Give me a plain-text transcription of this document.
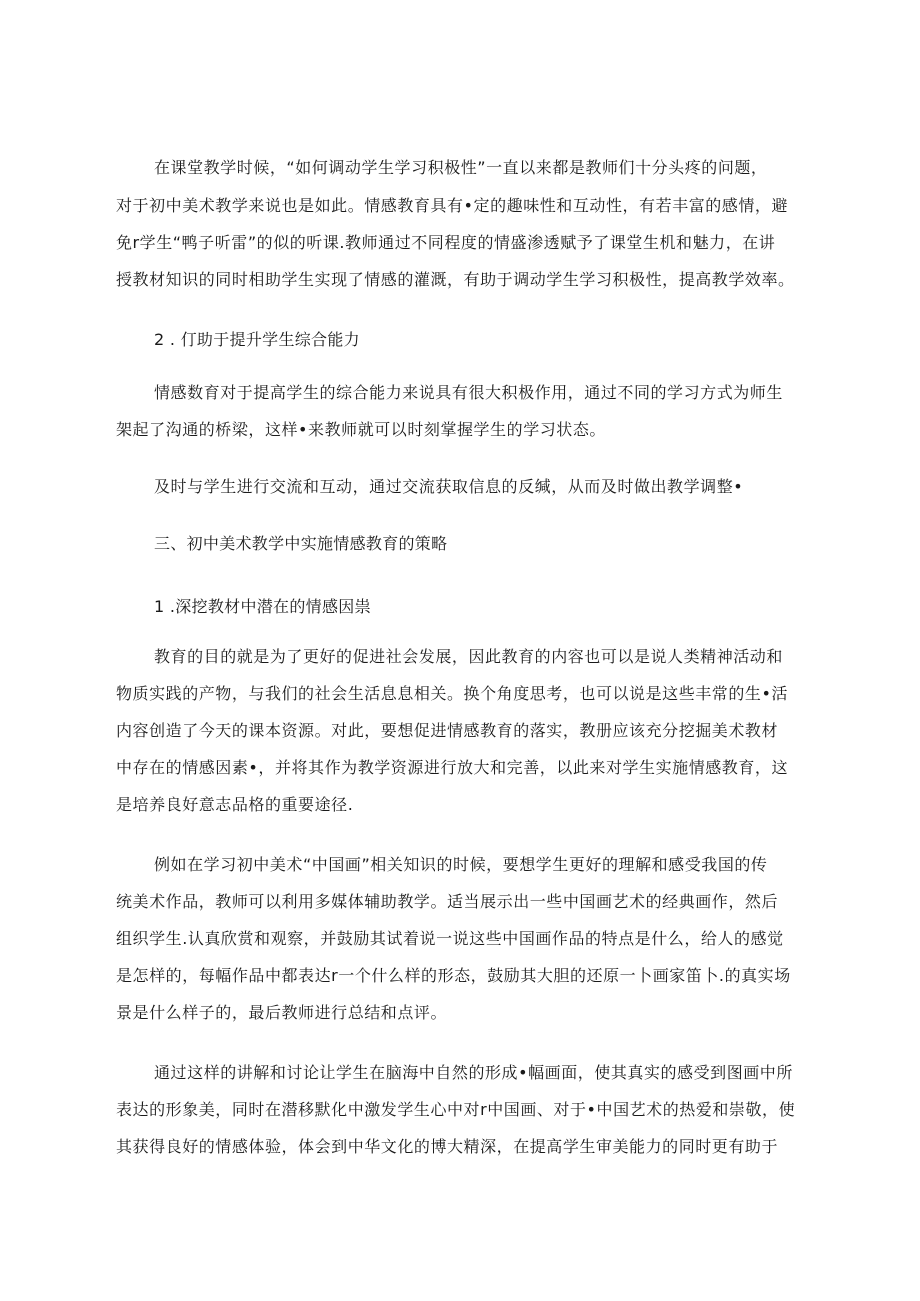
在课堂教学时候，“如何调动学生学习积极性”一直以来都是教师们十分头疼的问题，
对于初中美术教学来说也是如此。情感教育具有•定的趣味性和互动性，有若丰富的感情，避
免r学生“鸭子听雷”的似的听课.教师通过不同程度的情盛渗透赋予了课堂生机和魅力，在讲
授教材知识的同时相助学生实现了情感的灌溉，有助于调动学生学习积极性，提高教学效率。
2 . 仃助于提升学生综合能力
情感数育对于提高学生的综合能力来说具有很大积极作用，通过不同的学习方式为师生
架起了沟通的桥梁，这样•来教师就可以时刻掌握学生的学习状态。
及时与学生进行交流和互动，通过交流获取信息的反缄，从而及时做出教学调整•
三、初中美术教学中实施情感教育的策略
1 .深挖教材中潜在的情感因祟
教育的目的就是为了更好的促进社会发展，因此教育的内容也可以是说人类精神活动和
物质实践的产物，与我们的社会生活息息相关。换个角度思考，也可以说是这些丰常的生•活
内容创造了今天的课本资源。对此，要想促进情感教育的落实，教册应该充分挖掘美术教材
中存在的情感因素•，并将其作为教学资源进行放大和完善，以此来对学生实施情感教育，这
是培养良好意志品格的重要途径.
例如在学习初中美术“中国画”相关知识的时候，要想学生更好的理解和感受我国的传
统美术作品，教师可以利用多媒体辅助教学。适当展示出一些中国画艺术的经典画作，然后
组织学生.认真欣赏和观察，并鼓励其试着说一说这些中国画作品的特点是什么，给人的感觉
是怎样的，每幅作品中都表达r一个什么样的形态，鼓励其大胆的还原一卜画家笛卜.的真实场
景是什么样子的，最后教师进行总结和点评。
通过这样的讲解和讨论让学生在脑海中自然的形成•幅画面，使其真实的感受到图画中所
表达的形象美，同时在潜移默化中激发学生心中对r中国画、对于•中国艺术的热爱和崇敬，使
其获得良好的情感体验，体会到中华文化的博大精深，在提高学生审美能力的同时更有助于
